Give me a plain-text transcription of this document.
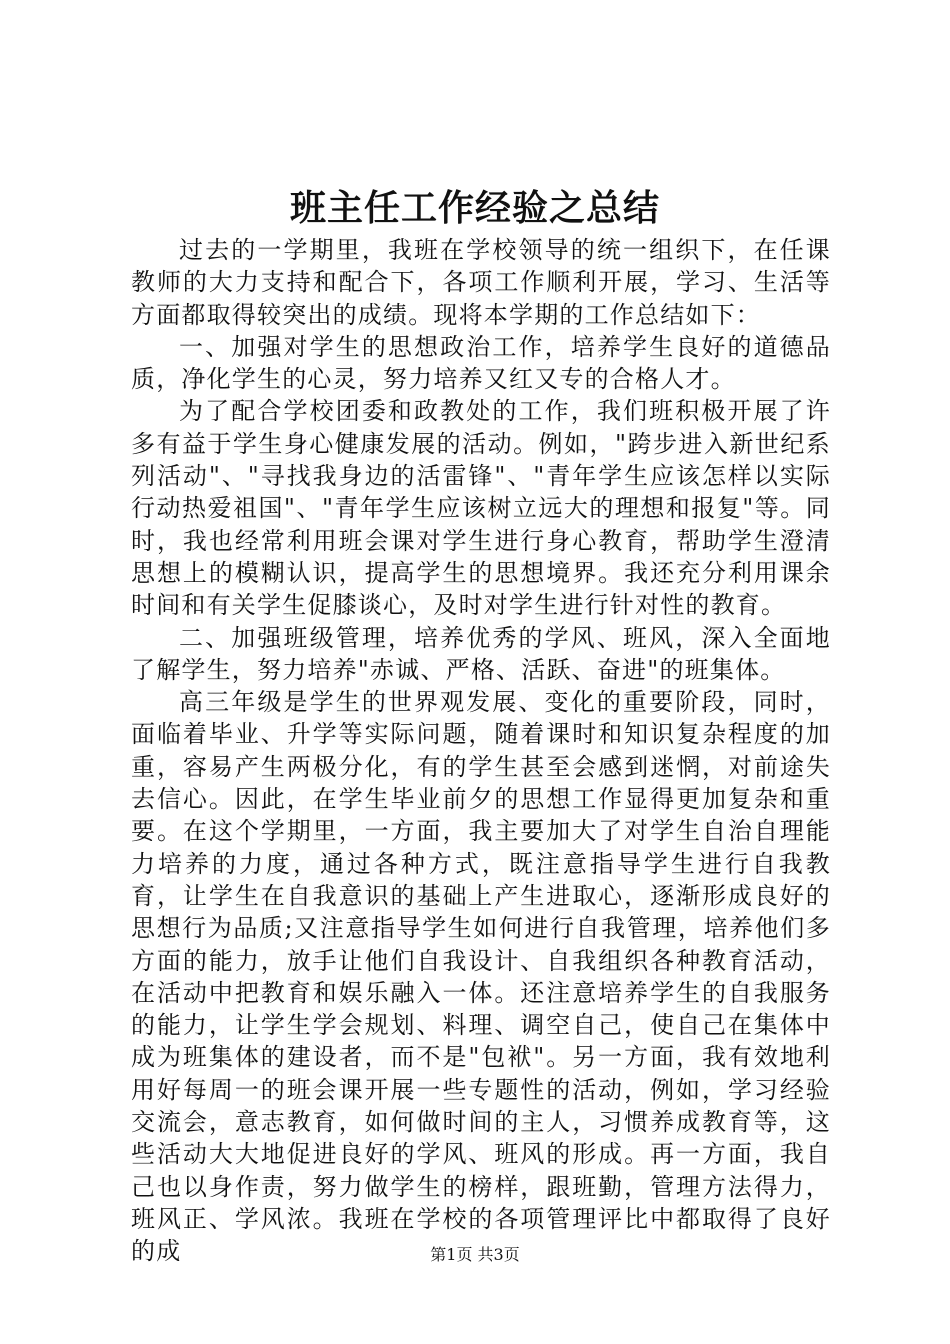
班主任工作经验之总结

过去的一学期里，我班在学校领导的统一组织下，在任课教师的大力支持和配合下，各项工作顺利开展，学习、生活等方面都取得较突出的成绩。现将本学期的工作总结如下：

一、加强对学生的思想政治工作，培养学生良好的道德品质，净化学生的心灵，努力培养又红又专的合格人才。

为了配合学校团委和政教处的工作，我们班积极开展了许多有益于学生身心健康发展的活动。例如，"跨步进入新世纪系列活动"、"寻找我身边的活雷锋"、"青年学生应该怎样以实际行动热爱祖国"、"青年学生应该树立远大的理想和报复"等。同时，我也经常利用班会课对学生进行身心教育，帮助学生澄清思想上的模糊认识，提高学生的思想境界。我还充分利用课余时间和有关学生促膝谈心，及时对学生进行针对性的教育。

二、加强班级管理，培养优秀的学风、班风，深入全面地了解学生，努力培养"赤诚、严格、活跃、奋进"的班集体。

高三年级是学生的世界观发展、变化的重要阶段，同时，面临着毕业、升学等实际问题，随着课时和知识复杂程度的加重，容易产生两极分化，有的学生甚至会感到迷惘，对前途失去信心。因此，在学生毕业前夕的思想工作显得更加复杂和重要。在这个学期里，一方面，我主要加大了对学生自治自理能力培养的力度，通过各种方式，既注意指导学生进行自我教育，让学生在自我意识的基础上产生进取心，逐渐形成良好的思想行为品质;又注意指导学生如何进行自我管理，培养他们多方面的能力，放手让他们自我设计、自我组织各种教育活动，在活动中把教育和娱乐融入一体。还注意培养学生的自我服务的能力，让学生学会规划、料理、调空自己，使自己在集体中成为班集体的建设者，而不是"包袱"。另一方面，我有效地利用好每周一的班会课开展一些专题性的活动，例如，学习经验交流会，意志教育，如何做时间的主人，习惯养成教育等，这些活动大大地促进良好的学风、班风的形成。再一方面，我自己也以身作责，努力做学生的榜样，跟班勤，管理方法得力，班风正、学风浓。我班在学校的各项管理评比中都取得了良好的成	第1页 共3页
